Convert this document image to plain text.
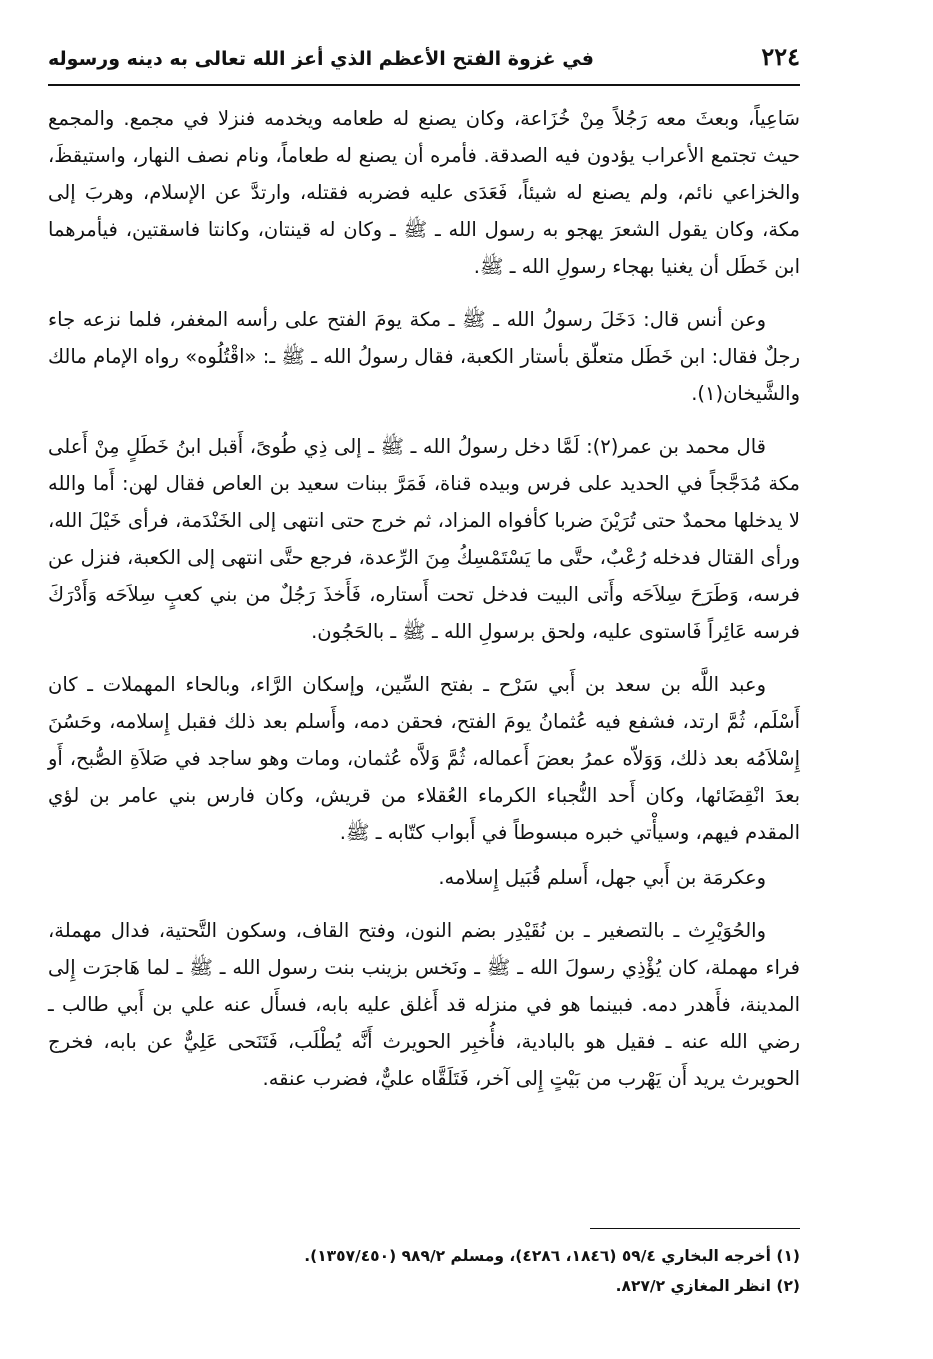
٢٢٤
في غزوة الفتح الأعظم الذي أعز الله تعالى به دينه ورسوله

سَاعِياً، وبعثَ معه رَجُلاً مِنْ خُزَاعة، وكان يصنع له طعامه ويخدمه فنزلا في مجمع. والمجمع حيث تجتمع الأعراب يؤدون فيه الصدقة. فأمره أن يصنع له طعاماً، ونام نصف النهار، واستيقظَ، والخزاعي نائم، ولم يصنع له شيئاً، فَعَدَى عليه فضربه فقتله، وارتدَّ عن الإسلام، وهربَ إلى مكة، وكان يقول الشعرَ يهجو به رسول الله ـ ﷺ ـ وكان له قينتان، وكانتا فاسقتين، فيأمرهما ابن خَطَل أن يغنيا بهجاء رسولِ الله ـ ﷺ.

وعن أنس قال: دَخَلَ رسولُ الله ـ ﷺ ـ مكة يومَ الفتح على رأسه المغفر، فلما نزعه جاء رجلٌ فقال: ابن خَطَل متعلّق بأستار الكعبة، فقال رسولُ الله ـ ﷺ ـ: «اقْتُلُوه» رواه الإمام مالك والشَّيخان(١).

قال محمد بن عمر(٢): لَمَّا دخل رسولُ الله ـ ﷺ ـ إلى ذِي طُوىً، أَقبل ابنُ خَطَلٍ مِنْ أَعلى مكة مُدَجَّجاً في الحديد على فرس وبيده قناة، فَمَرَّ ببنات سعيد بن العاص فقال لهن: أَما والله لا يدخلها محمدٌ حتى تُرَيْنَ ضربا كأفواه المزاد، ثم خرج حتى انتهى إلى الخَنْدَمة، فرأى خَيْلَ الله، ورأى القتال فدخله رُعْبٌ، حتَّى ما يَسْتَمْسِكُ مِنَ الرِّعدة، فرجع حتَّى انتهى إلى الكعبة، فنزل عن فرسه، وَطَرَحَ سِلاَحَه وأَتى البيت فدخل تحت أَستاره، فَأَخذَ رَجُلٌ من بني كعبٍ سِلاَحَه وَأَدْرَكَ فرسه عَائِراً فَاستوى عليه، ولحق برسولِ الله ـ ﷺ ـ بالحَجُون.

وعبد اللَّه بن سعد بن أَبي سَرْح ـ بفتح السِّين، وإسكان الرَّاء، وبالحاء المهملات ـ كان أَسْلَم، ثُمَّ ارتد، فشفع فيه عُثمانُ يومَ الفتح، فحقن دمه، وأَسلم بعد ذلك فقبل إِسلامه، وحَسُنَ إِسْلاَمُه بعد ذلك، وَوَلاّه عمرُ بعضَ أَعماله، ثُمَّ وَلاَّه عُثمان، ومات وهو ساجد في صَلاَةِ الصُّبح، أَو بعدَ انْقِضَائها، وكان أَحد النُّجباء الكرماء العُقلاء من قريش، وكان فارس بني عامر بن لؤي المقدم فيهم، وسيأْتي خبره مبسوطاً في أَبواب كتّابه ـ ﷺ.

وعكرمَة بن أَبي جهل، أَسلم قُبَيل إِسلامه.

والحُوَيْرِث ـ بالتصغير ـ بن نُقَيْدِر بضم النون، وفتح القاف، وسكون التَّحتية، فدال مهملة، فراء مهملة، كان يُؤْذِي رسولَ الله ـ ﷺ ـ ونَخس بزينب بنت رسول الله ـ ﷺ ـ لما هَاجرَت إِلى المدينة، فأَهدر دمه. فبينما هو في منزله قد أَغلق عليه بابه، فسأَل عنه علي بن أَبي طالب ـ رضي الله عنه ـ فقيل هو بالبادية، فأُخبِر الحويرث أَنَّه يُطْلَب، فَتَنَحى عَلِيٌّ عن بابه، فخرج الحويرث يريد أَن يَهْرب من بَيْتٍ إِلى آخر، فَتَلَقَّاه عليٌّ، فضرب عنقه.

(١) أخرجه البخاري ٥٩/٤ (١٨٤٦، ٤٢٨٦)، ومسلم ٩٨٩/٢ (١٣٥٧/٤٥٠).
(٢) انظر المغازي ٨٢٧/٢.
